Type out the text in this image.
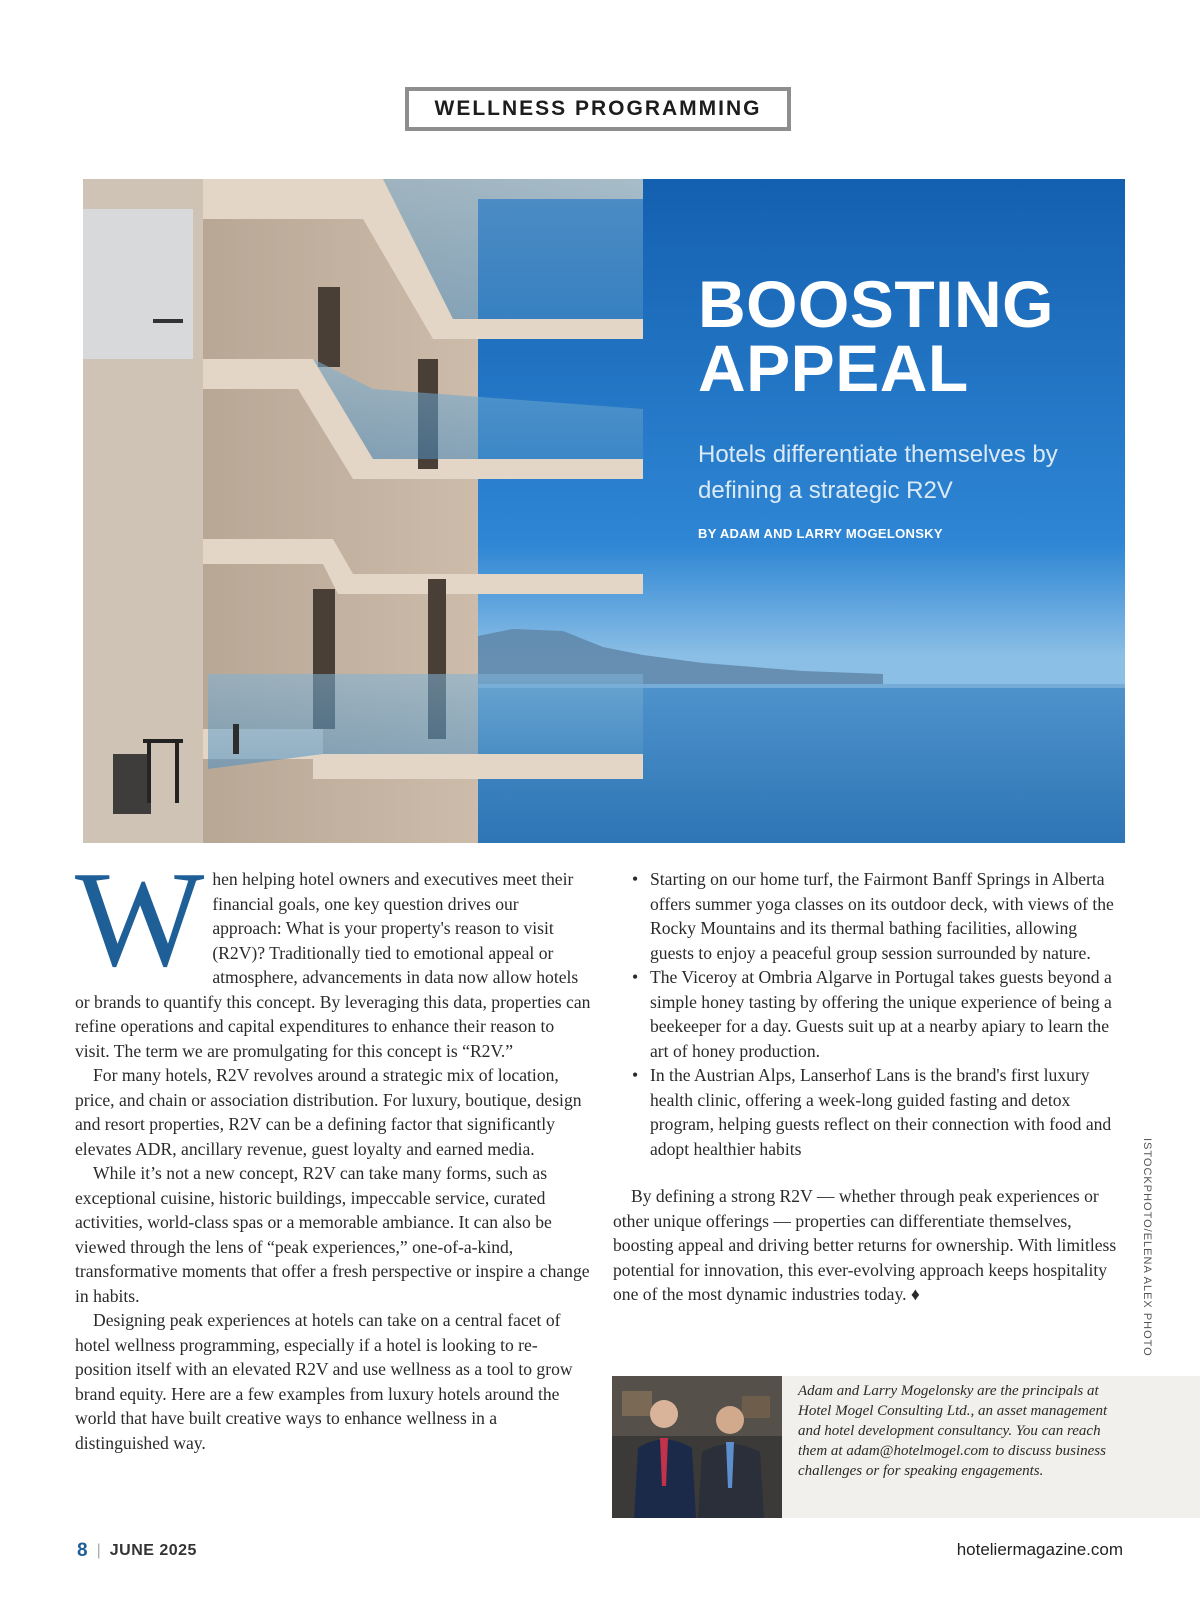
WELLNESS PROGRAMMING
BOOSTING
APPEAL

Hotels differentiate themselves by defining a strategic R2V

BY ADAM AND LARRY MOGELONSKY

When helping hotel owners and executives meet their financial goals, one key question drives our approach: What is your property's reason to visit (R2V)? Traditionally tied to emotional appeal or atmosphere, advancements in data now allow hotels or brands to quantify this concept. By leveraging this data, properties can refine operations and capital expenditures to enhance their reason to visit. The term we are promulgating for this concept is “R2V.”

For many hotels, R2V revolves around a strategic mix of location, price, and chain or association distribution. For luxury, boutique, design and resort properties, R2V can be a defining factor that significantly elevates ADR, ancillary revenue, guest loyalty and earned media.

While it’s not a new concept, R2V can take many forms, such as exceptional cuisine, historic buildings, impeccable service, curated activities, world-class spas or a memorable ambiance. It can also be viewed through the lens of “peak experiences,” one-of-a-kind, transformative moments that offer a fresh perspective or inspire a change in habits.

Designing peak experiences at hotels can take on a central facet of hotel wellness programming, especially if a hotel is looking to re-position itself with an elevated R2V and use wellness as a tool to grow brand equity. Here are a few examples from luxury hotels around the world that have built creative ways to enhance wellness in a distinguished way.

• Starting on our home turf, the Fairmont Banff Springs in Alberta offers summer yoga classes on its outdoor deck, with views of the Rocky Mountains and its thermal bathing facilities, allowing guests to enjoy a peaceful group session surrounded by nature.
• The Viceroy at Ombria Algarve in Portugal takes guests beyond a simple honey tasting by offering the unique experience of being a beekeeper for a day. Guests suit up at a nearby apiary to learn the art of honey production.
• In the Austrian Alps, Lanserhof Lans is the brand's first luxury health clinic, offering a week-long guided fasting and detox program, helping guests reflect on their connection with food and adopt healthier habits

By defining a strong R2V — whether through peak experiences or other unique offerings — properties can differentiate themselves, boosting appeal and driving better returns for ownership. With limitless potential for innovation, this ever-evolving approach keeps hospitality one of the most dynamic industries today. ♦	ISTOCKPHOTO/ELENA ALEX PHOTO

Adam and Larry Mogelonsky are the principals at Hotel Mogel Consulting Ltd., an asset management and hotel development consultancy. You can reach them at adam@hotelmogel.com to discuss business challenges or for speaking engagements.

8 | JUNE 2025	hoteliermagazine.com
